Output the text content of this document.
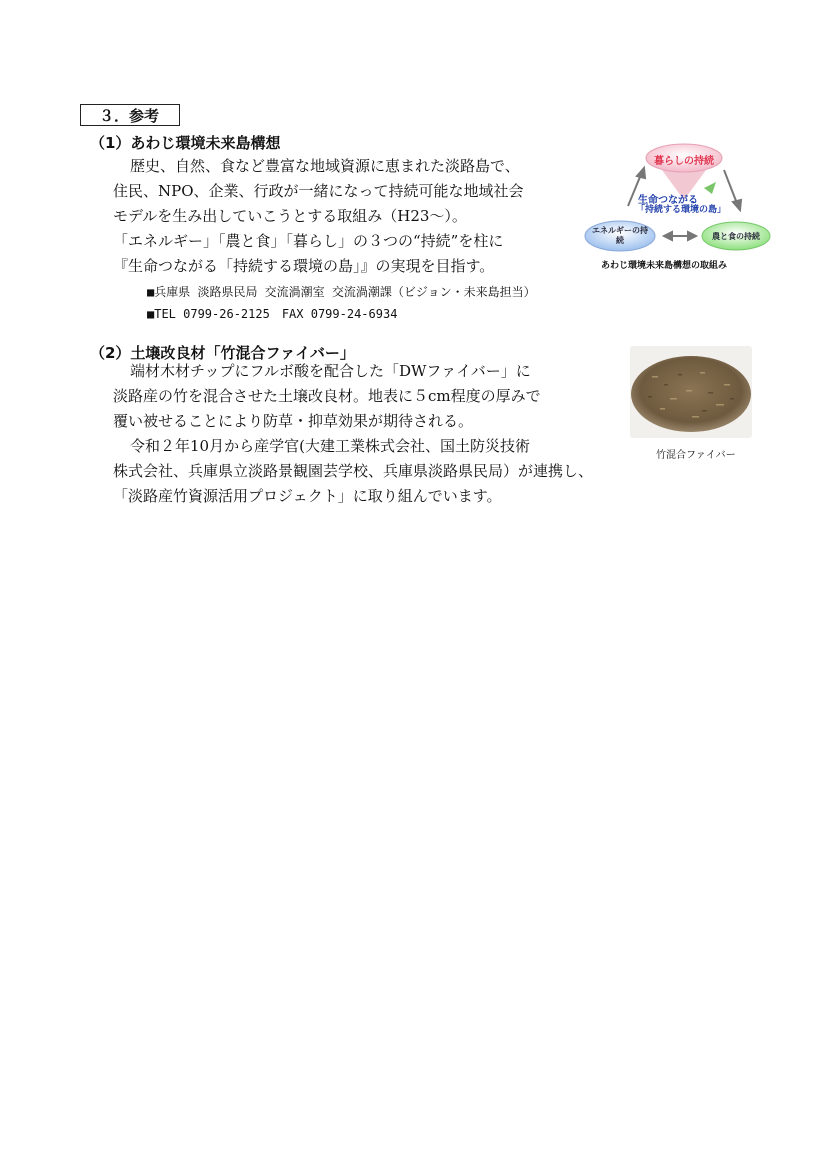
３．参考
（1）あわじ環境未来島構想
歴史、自然、食など豊富な地域資源に恵まれた淡路島で、
住民、NPO、企業、行政が一緒になって持続可能な地域社会
モデルを生み出していこうとする取組み（H23～）。
「エネルギー」「農と食」「暮らし」の３つの“持続”を柱に
『生命つながる「持続する環境の島」』の実現を目指す。
■兵庫県 淡路県民局 交流渦潮室 交流渦潮課（ビジョン・未来島担当）
■TEL 0799-26-2125　FAX 0799-24-6934
暮らしの持続
エネルギーの持続	農と食の持続
生命つながる
「持続する環境の島」
あわじ環境未来島構想の取組み
（2）土壌改良材「竹混合ファイバー」
端材木材チップにフルボ酸を配合した「DWファイバー」に
淡路産の竹を混合させた土壌改良材。地表に５cm程度の厚みで
覆い被せることにより防草・抑草効果が期待される。
令和２年10月から産学官(大建工業株式会社、国土防災技術
株式会社、兵庫県立淡路景観園芸学校、兵庫県淡路県民局）が連携し、
「淡路産竹資源活用プロジェクト」に取り組んでいます。
竹混合ファイバー
